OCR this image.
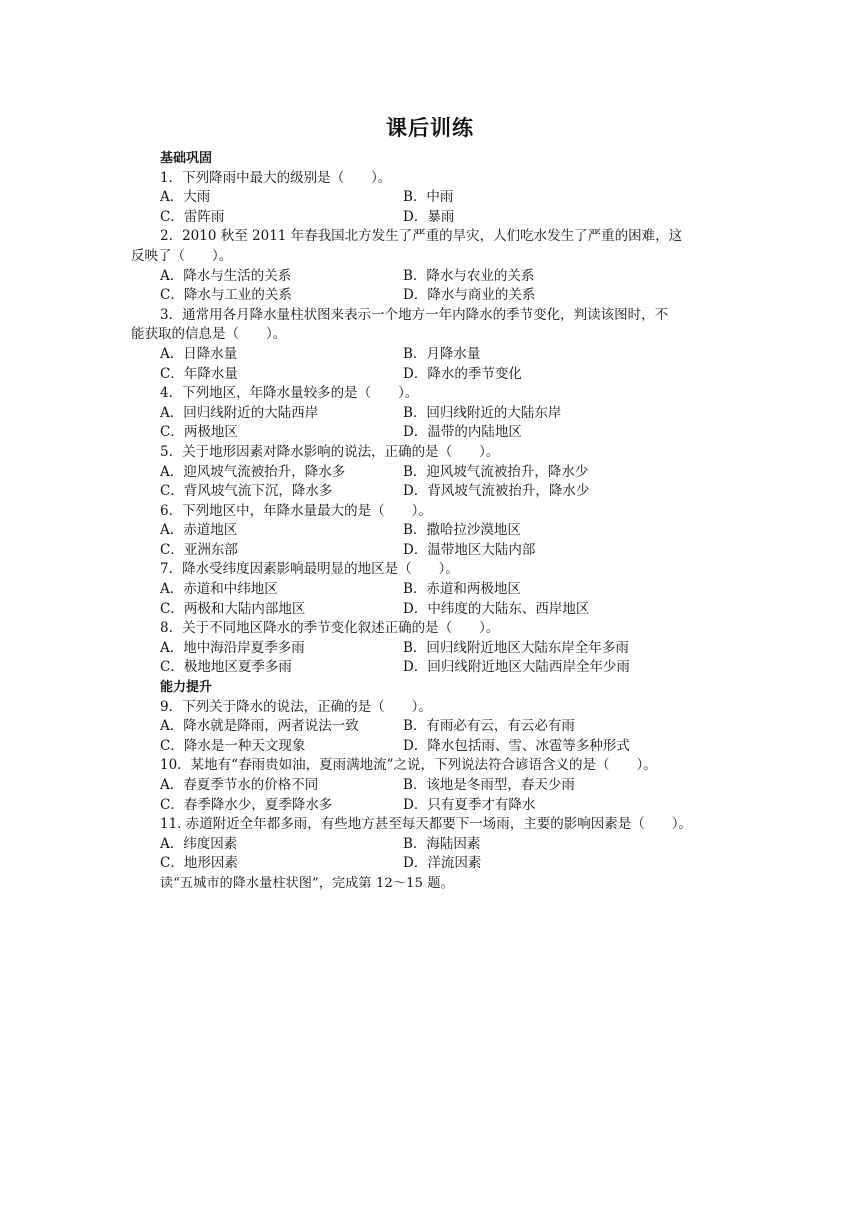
课后训练
基础巩固
1．下列降雨中最大的级别是（　　）。
A．大雨	B．中雨
C．雷阵雨	D．暴雨
2．2010 秋至 2011 年春我国北方发生了严重的旱灾，人们吃水发生了严重的困难，这
反映了（　　）。
A．降水与生活的关系	B．降水与农业的关系
C．降水与工业的关系	D．降水与商业的关系
3．通常用各月降水量柱状图来表示一个地方一年内降水的季节变化，判读该图时，不
能获取的信息是（　　）。
A．日降水量	B．月降水量
C．年降水量	D．降水的季节变化
4．下列地区，年降水量较多的是（　　）。
A．回归线附近的大陆西岸	B．回归线附近的大陆东岸
C．两极地区	D．温带的内陆地区
5．关于地形因素对降水影响的说法，正确的是（　　）。
A．迎风坡气流被抬升，降水多	B．迎风坡气流被抬升，降水少
C．背风坡气流下沉，降水多	D．背风坡气流被抬升，降水少
6．下列地区中，年降水量最大的是（　　）。
A．赤道地区	B．撒哈拉沙漠地区
C．亚洲东部	D．温带地区大陆内部
7．降水受纬度因素影响最明显的地区是（　　）。
A．赤道和中纬地区	B．赤道和两极地区
C．两极和大陆内部地区	D．中纬度的大陆东、西岸地区
8．关于不同地区降水的季节变化叙述正确的是（　　）。
A．地中海沿岸夏季多雨	B．回归线附近地区大陆东岸全年多雨
C．极地地区夏季多雨	D．回归线附近地区大陆西岸全年少雨
能力提升
9．下列关于降水的说法，正确的是（　　）。
A．降水就是降雨，两者说法一致	B．有雨必有云，有云必有雨
C．降水是一种天文现象	D．降水包括雨、雪、冰雹等多种形式
10．某地有“春雨贵如油，夏雨满地流”之说，下列说法符合谚语含义的是（　　）。
A．春夏季节水的价格不同	B．该地是冬雨型，春天少雨
C．春季降水少，夏季降水多	D．只有夏季才有降水
11. 赤道附近全年都多雨，有些地方甚至每天都要下一场雨，主要的影响因素是（　　）。
A．纬度因素	B．海陆因素
C．地形因素	D．洋流因素
读“五城市的降水量柱状图”，完成第 12～15 题。
